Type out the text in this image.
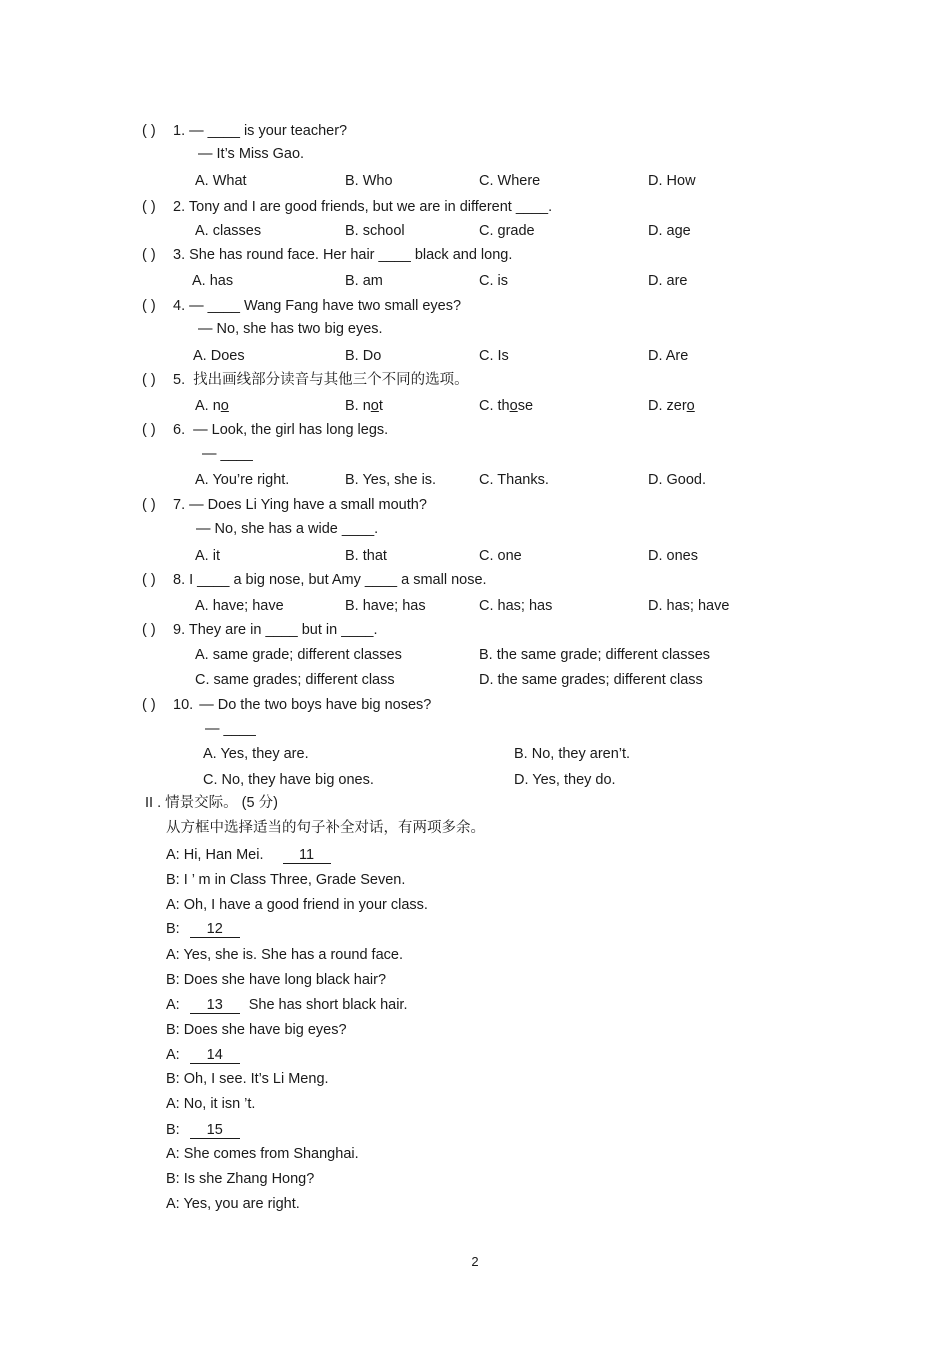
( ) 1. — ____ is your teacher?
— It’s Miss Gao.
A. What	B. Who	C. Where	D. How
( ) 2. Tony and I are good friends, but we are in different ____.
A. classes	B. school	C. grade	D. age
( ) 3. She has round face. Her hair ____ black and long.
A. has	B. am	C. is	D. are
( ) 4. — ____ Wang Fang have two small eyes?
— No, she has two big eyes.
A. Does	B. Do	C. Is	D. Are
( ) 5. 找出画线部分读音与其他三个不同的选项。
A. no	B. not	C. those	D. zero
( ) 6. — Look, the girl has long legs.
— ____
A. You’re right.	B. Yes, she is.	C. Thanks.	D. Good.
( ) 7. — Does Li Ying have a small mouth?
— No, she has a wide ____.
A. it	B. that	C. one	D. ones
( ) 8. I ____ a big nose, but Amy ____ a small nose.
A. have; have	B. have; has	C. has; has	D. has; have
( ) 9. They are in ____ but in ____.
A. same grade; different classes	B. the same grade; different classes
C. same grades; different class	D. the same grades; different class
( ) 10. — Do the two boys have big noses?
— ____
A. Yes, they are.	B. No, they aren’t.
C. No, they have big ones.	D. Yes, they do.
II . 情景交际。 (5 分)
从方框中选择适当的句子补全对话，有两项多余。
A: Hi, Han Mei. 11
B: I ’ m in Class Three, Grade Seven.
A: Oh, I have a good friend in your class.
B: 12
A: Yes, she is. She has a round face.
B: Does she have long black hair?
A: 13 She has short black hair.
B: Does she have big eyes?
A: 14
B: Oh, I see. It’s Li Meng.
A: No, it isn ’t.
B: 15
A: She comes from Shanghai.
B: Is she Zhang Hong?
A: Yes, you are right.
2
